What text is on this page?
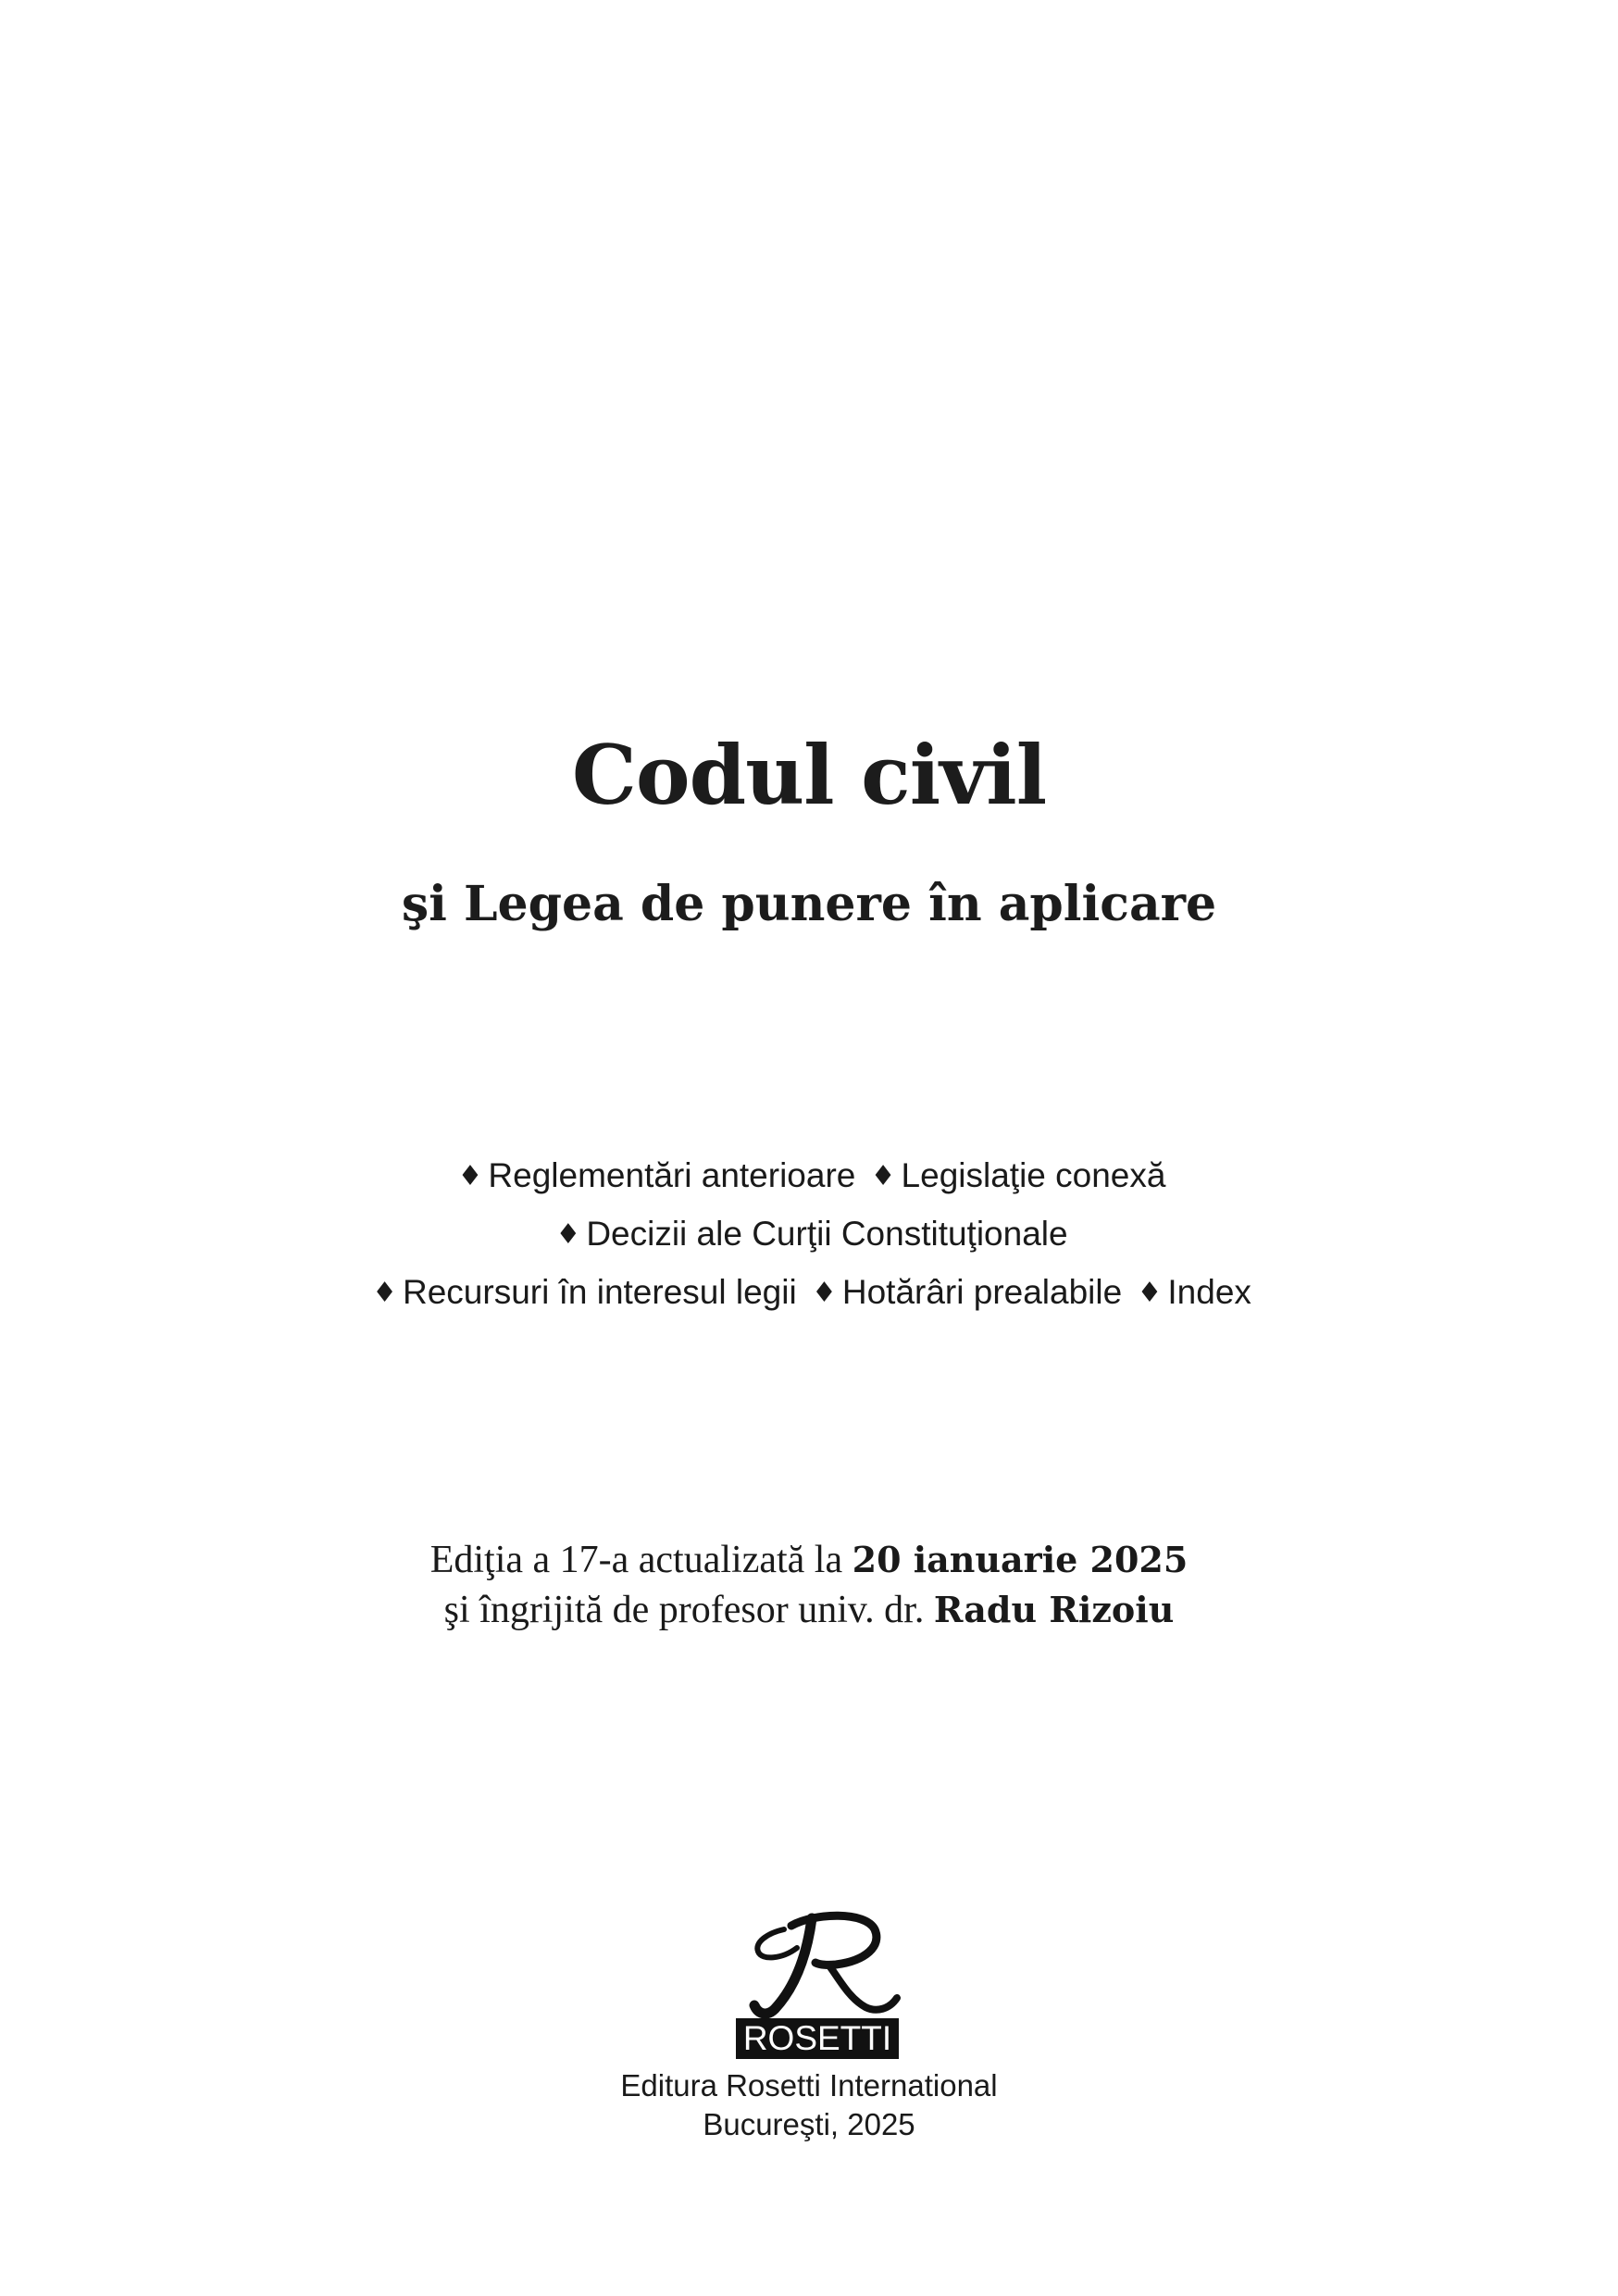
Codul civil
şi Legea de punere în aplicare
♦ Reglementări anterioare ♦ Legislaţie conexă
♦ Decizii ale Curţii Constituţionale
♦ Recursuri în interesul legii ♦ Hotărâri prealabile ♦ Index
Ediţia a 17-a actualizată la 20 ianuarie 2025
şi îngrijită de profesor univ. dr. Radu Rizoiu
ROSETTI
Editura Rosetti International
Bucureşti, 2025
